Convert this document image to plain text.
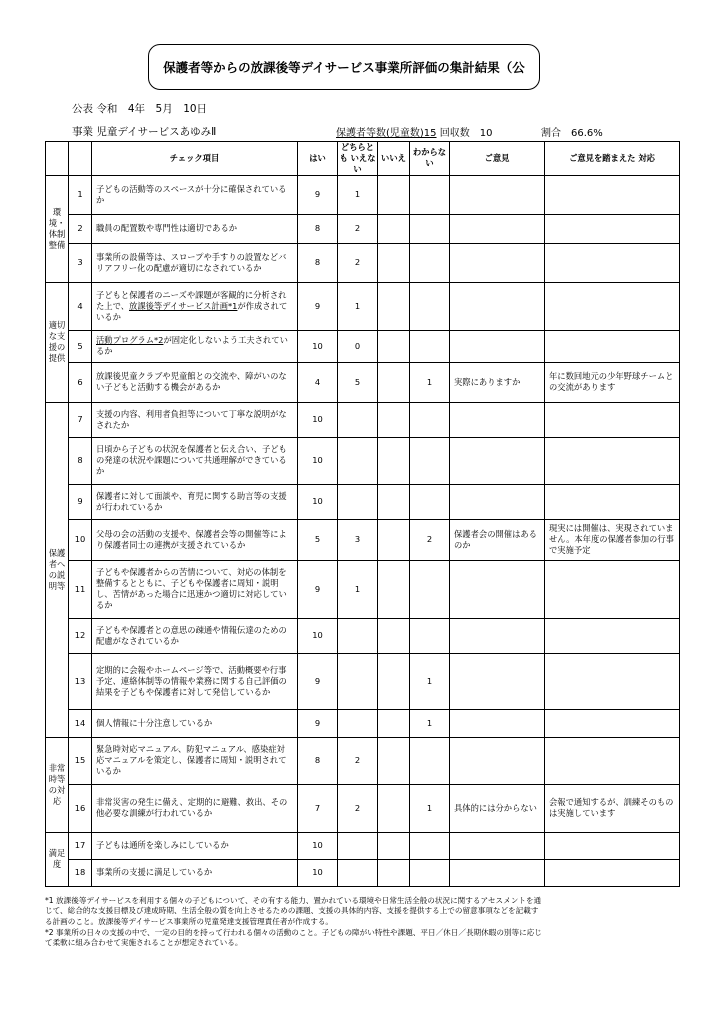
保護者等からの放課後等デイサービス事業所評価の集計結果（公
公表 令和　4年　5月　10日
事業 児童デイサービスあゆみⅡ	保護者等数(児童数)15 回収数　10	割合　66.6%
		チェック項目	はい	どちらとも いえない	いいえ	わからない	ご意見	ご意見を踏まえた 対応
環境・体制整備	1	子どもの活動等のスペースが十分に確保されているか	9	1				
	2	職員の配置数や専門性は適切であるか	8	2				
	3	事業所の設備等は、スロープや手すりの設置などバリアフリー化の配慮が適切になされているか	8	2				
適切な支援の提供	4	子どもと保護者のニーズや課題が客観的に分析された上で、放課後等デイサービス計画*1が作成されているか	9	1				
	5	活動プログラム*2が固定化しないよう工夫されているか	10	0				
	6	放課後児童クラブや児童館との交流や、障がいのない子どもと活動する機会があるか	4	5		1	実際にありますか	年に数回地元の少年野球チームとの交流があります
保護者への説明等	7	支援の内容、利用者負担等について丁寧な説明がなされたか	10					
	8	日頃から子どもの状況を保護者と伝え合い、子どもの発達の状況や課題について共通理解ができているか	10					
	9	保護者に対して面談や、育児に関する助言等の支援が行われているか	10					
	10	父母の会の活動の支援や、保護者会等の開催等により保護者同士の連携が支援されているか	5	3		2	保護者会の開催はあるのか	現実には開催は、実現されていません。本年度の保護者参加の行事で実施予定
	11	子どもや保護者からの苦情について、対応の体制を整備するとともに、子どもや保護者に周知・説明し、苦情があった場合に迅速かつ適切に対応しているか	9	1				
	12	子どもや保護者との意思の疎通や情報伝達のための配慮がなされているか	10					
	13	定期的に会報やホームページ等で、活動概要や行事予定、連絡体制等の情報や業務に関する自己評価の結果を子どもや保護者に対して発信しているか	9			1		
	14	個人情報に十分注意しているか	9			1		
非常時等の対応	15	緊急時対応マニュアル、防犯マニュアル、感染症対応マニュアルを策定し、保護者に周知・説明されているか	8	2				
	16	非常災害の発生に備え、定期的に避難、救出、その他必要な訓練が行われているか	7	2		1	具体的には分からない	会報で通知するが、訓練そのものは実施しています
満足度	17	子どもは通所を楽しみにしているか	10					
	18	事業所の支援に満足しているか	10					

*1 放課後等デイサービスを利用する個々の子どもについて、その有する能力、置かれている環境や日常生活全般の状況に関するアセスメントを通じて、総合的な支援目標及び達成時期、生活全般の質を向上させるための課題、支援の具体的内容、支援を提供する上での留意事項などを記載する計画のこと。放課後等デイサービス事業所の児童発達支援管理責任者が作成する。

*2 事業所の日々の支援の中で、一定の目的を持って行われる個々の活動のこと。子どもの障がい特性や課題、平日／休日／長期休暇の別等に応じて柔軟に組み合わせて実施されることが想定されている。
